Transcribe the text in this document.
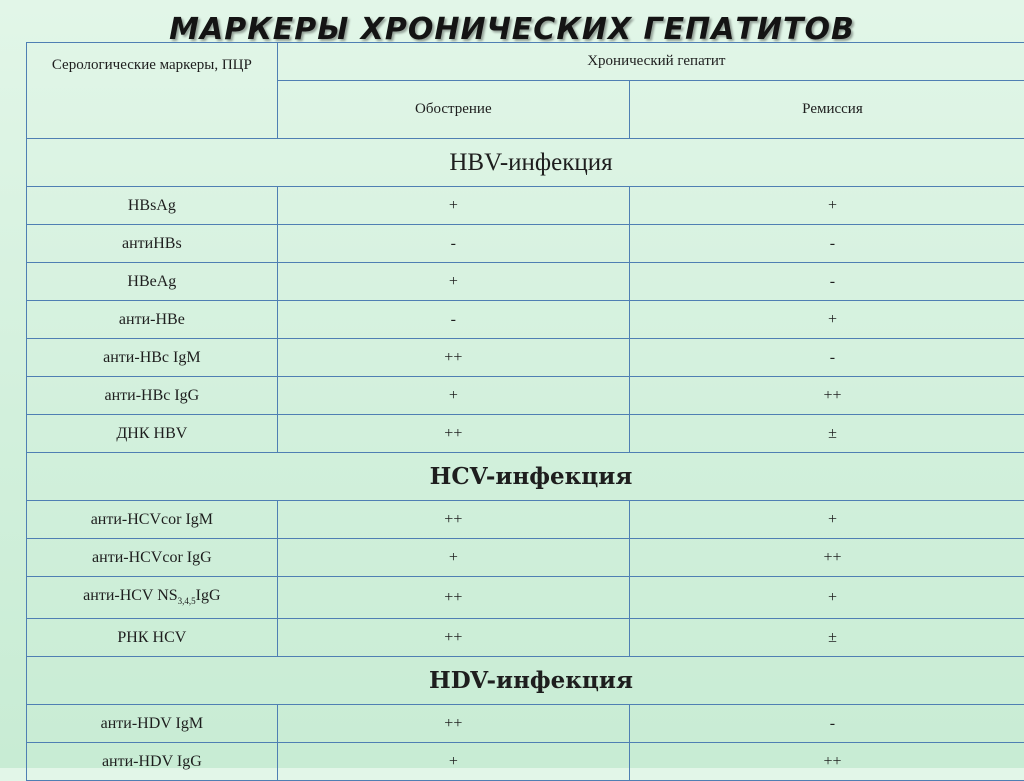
МАРКЕРЫ ХРОНИЧЕСКИХ ГЕПАТИТОВ
Серологические маркеры, ПЦР	Хронический гепатит	
	Обострение	Ремиссия
HBV-инфекция		
HBsAg	+	+
антиHBs	-	-
HBeAg	+	-
анти-HBe	-	+
анти-HBc IgM	++	-
анти-HBc IgG	+	++
ДНК HBV	++	±
HCV-инфекция		
анти-HCVcor IgM	++	+
анти-HCVcor IgG	+	++
анти-HCV $NS_{3,4,5}IgG$	++	+
РНК HCV	++	±
HDV-инфекция		
анти-HDV IgM	++	-
анти-HDV IgG	+	++
